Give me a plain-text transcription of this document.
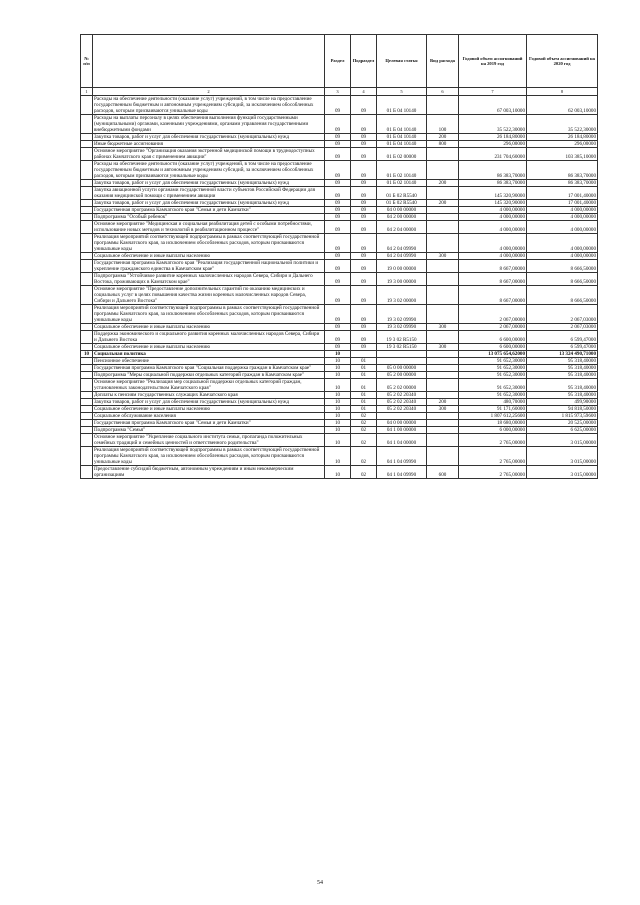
№ п/п		Раздел	Подраздел	Целевая статья	Вид расхода	Годовой объем ассигнований на 2019 год	Годовой объем ассигнований на 2020 год
1	2	3	4	5	6	7	8
	Расходы на обеспечение деятельности (оказание услуг) учреждений, в том числе на предоставление государственным бюджетным и автономным учреждениям субсидий, за исключением обособленных расходов, которым присваиваются уникальные коды	09	09	01 Б 04 10140		67 003,10000	62 003,10000
	Расходы на выплаты персоналу в целях обеспечения выполнения функций государственными (муниципальными) органами, казенными учреждениями, органами управления государственными внебюджетными фондами	09	09	01 Б 04 10140	100	35 522,30000	35 522,30000
	Закупка товаров, работ и услуг для обеспечения государственных (муниципальных) нужд	09	09	01 Б 04 10140	200	26 184,80000	26 184,80000
	Иные бюджетные ассигнования	09	09	01 Б 04 10140	800	296,00000	296,00000
	Основное мероприятие "Организация оказания экстренной медицинской помощи в труднодоступных районах Камчатского края с применением авиации"	09	09	01 Б 02 00000		231 704,60000	103 385,10000
	Расходы на обеспечение деятельности (оказание услуг) учреждений, в том числе на предоставление государственным бюджетным и автономным учреждениям субсидий, за исключением обособленных расходов, которым присваиваются уникальные коды	09	09	01 Б 02 10140		86 383,70000	86 383,70000
	Закупка товаров, работ и услуг для обеспечения государственных (муниципальных) нужд	09	09	01 Б 02 10140	200	86 383,70000	86 383,70000
	Закупка авиационной услуги органами государственной власти субъектов Российской Федерации для оказания медицинской помощи с применением авиации	09	09	01 Б 02 R5540		145 320,90000	17 001,40000
	Закупка товаров, работ и услуг для обеспечения государственных (муниципальных) нужд	09	09	01 Б 02 R5540	200	145 320,90000	17 001,40000
	Государственная программа Камчатского края "Семья и дети Камчатки"	09	09	04 0 00 00000		4 000,00000	4 000,00000
	Подпрограмма "Особый ребенок"	09	09	04 2 00 00000		4 000,00000	4 000,00000
	Основное мероприятие "Медицинская и социальная реабилитация детей с особыми потребностями, использование новых методов и технологий в реабилитационном процессе"	09	09	04 2 04 00000		4 000,00000	4 000,00000
	Реализация мероприятий соответствующей подпрограммы в рамках соответствующей государственной программы Камчатского края, за исключением обособленных расходов, которым присваиваются уникальные коды	09	09	04 2 04 09990		4 000,00000	4 000,00000
	Социальное обеспечение и иные выплаты населению	09	09	04 2 04 09990	300	4 000,00000	4 000,00000
	Государственная программа Камчатского края "Реализация государственной национальной политики и укрепление гражданского единства в Камчатском крае"	09	09	19 0 00 00000		8 667,00000	8 666,50000
	Подпрограмма "Устойчивое развитие коренных малочисленных народов Севера, Сибири и Дальнего Востока, проживающих в Камчатском крае"	09	09	19 3 00 00000		8 667,00000	8 666,50000
	Основное мероприятие "Предоставление дополнительных гарантий по оказанию медицинских и социальных услуг в целях повышения качества жизни коренных малочисленных народов Севера, Сибири и Дальнего Востока"	09	09	19 3 02 00000		8 667,00000	8 666,50000
	Реализация мероприятий соответствующей подпрограммы в рамках соответствующей государственной программы Камчатского края, за исключением обособленных расходов, которым присваиваются уникальные коды	09	09	19 3 02 09990		2 067,00000	2 067,03000
	Социальное обеспечение и иные выплаты населению	09	09	19 3 02 09990	300	2 067,00000	2 067,03000
	Поддержка экономического и социального развития коренных малочисленных народов Севера, Сибири и Дальнего Востока	09	09	19 3 02 R5150		6 600,00000	6 599,47000
	Социальное обеспечение и иные выплаты населению	09	09	19 3 02 R5150	300	6 600,00000	6 599,47000
10	Социальная политика	10				13 075 654,62000	13 324 490,71000
	Пенсионное обеспечение	10	01			91 652,30000	95 318,40000
	Государственная программа Камчатского края "Социальная поддержка граждан в Камчатском крае"	10	01	05 0 00 00000		91 652,30000	95 318,40000
	Подпрограмма "Меры социальной поддержки отдельных категорий граждан в Камчатском крае"	10	01	05 2 00 00000		91 652,30000	95 318,40000
	Основное мероприятие "Реализация мер социальной поддержки отдельных категорий граждан, установленных законодательством Камчатского края"	10	01	05 2 02 00000		91 652,30000	95 318,40000
	Доплаты к пенсиям государственных служащих Камчатского края	10	01	05 2 02 20340		91 652,30000	95 318,40000
	Закупка товаров, работ и услуг для обеспечения государственных (муниципальных) нужд	10	01	05 2 02 20340	200	480,70000	499,90000
	Социальное обеспечение и иные выплаты населению	10	01	05 2 02 20340	300	91 171,60000	94 818,50000
	Социальное обслуживание населения	10	02			1 807 612,25600	1 815 973,59600
	Государственная программа Камчатского края "Семья и дети Камчатки"	10	02	04 0 00 00000		18 680,00000	20 525,00000
	Подпрограмма "Семья"	10	02	04 1 00 00000		6 000,00000	6 625,00000
	Основное мероприятие "Укрепление социального института семьи, пропаганда положительных семейных традиций и семейных ценностей и ответственного родительства"	10	02	04 1 04 00000		2 765,00000	3 015,00000
	Реализация мероприятий соответствующей подпрограммы в рамках соответствующей государственной программы Камчатского края, за исключением обособленных расходов, которым присваиваются уникальные коды	10	02	04 1 04 09990		2 765,00000	3 015,00000
	Предоставление субсидий бюджетным, автономным учреждениям и иным некоммерческим организациям	10	02	04 1 04 09990	600	2 765,00000	3 015,00000
54
